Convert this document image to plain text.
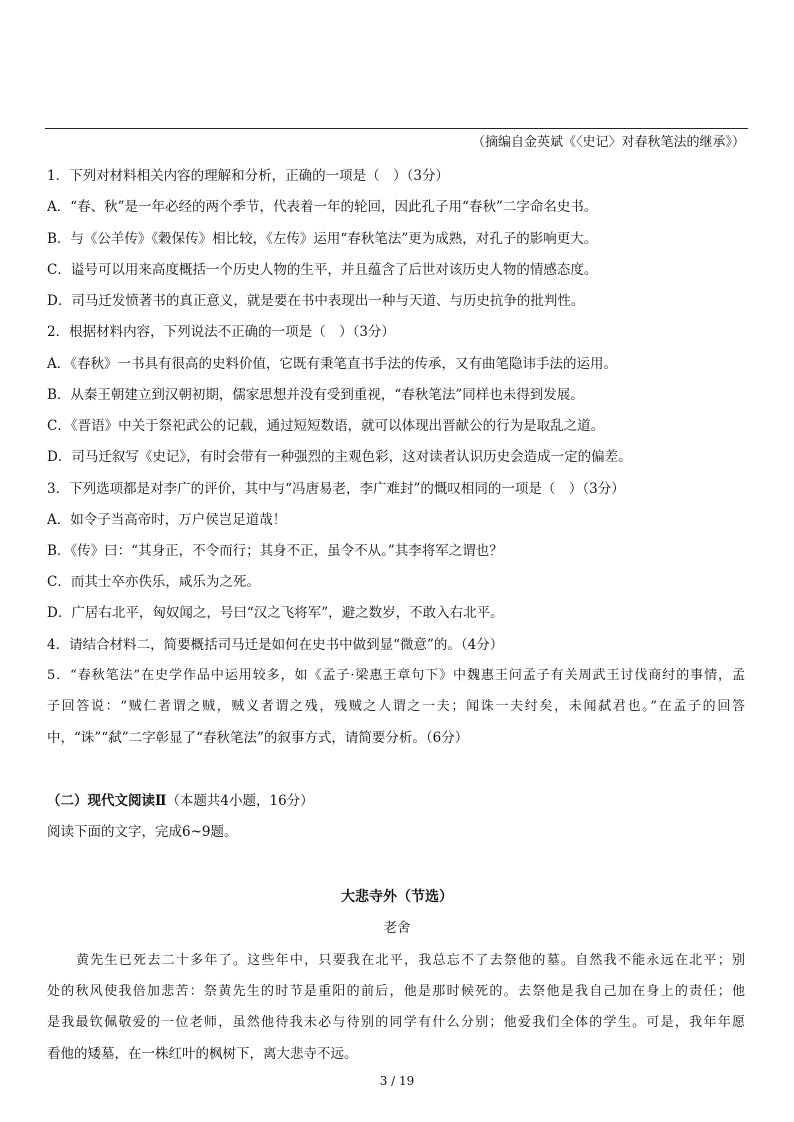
（摘编自金英斌《〈史记〉对春秋笔法的继承》）
1．下列对材料相关内容的理解和分析，正确的一项是（　）（3分）
A．“春、秋”是一年必经的两个季节，代表着一年的轮回，因此孔子用“春秋”二字命名史书。
B．与《公羊传》《穀保传》相比较，《左传》运用“春秋笔法”更为成熟，对孔子的影响更大。
C．谥号可以用来高度概括一个历史人物的生平，并且蕴含了后世对该历史人物的情感态度。
D．司马迁发愤著书的真正意义，就是要在书中表现出一种与天道、与历史抗争的批判性。
2．根据材料内容，下列说法不正确的一项是（　）（3分）
A．《春秋》一书具有很高的史料价值，它既有秉笔直书手法的传承，又有曲笔隐讳手法的运用。
B．从秦王朝建立到汉朝初期，儒家思想并没有受到重视，“春秋笔法”同样也未得到发展。
C．《晋语》中关于祭祀武公的记载，通过短短数语，就可以体现出晋献公的行为是取乱之道。
D．司马迁叙写《史记》，有时会带有一种强烈的主观色彩，这对读者认识历史会造成一定的偏差。
3．下列选项都是对李广的评价，其中与“冯唐易老，李广难封”的慨叹相同的一项是（　）（3分）
A．如令子当高帝时，万户侯岂足道哉！
B．《传》曰：“其身正，不令而行；其身不正，虽令不从。”其李将军之谓也？
C．而其士卒亦佚乐，咸乐为之死。
D．广居右北平，匈奴闻之，号曰“汉之飞将军”，避之数岁，不敢入右北平。
4．请结合材料二，简要概括司马迁是如何在史书中做到显“微意”的。（4分）
5．“春秋笔法”在史学作品中运用较多，如《孟子·梁惠王章句下》中魏惠王问孟子有关周武王讨伐商纣的事情，孟
子回答说：“贼仁者谓之贼，贼义者谓之残，残贼之人谓之一夫；闻诛一夫纣矣，未闻弑君也。”在孟子的回答
中，“诛”“弑”二字彰显了“春秋笔法”的叙事方式，请简要分析。（6分）
（二）现代文阅读Ⅱ（本题共4小题，16分）
阅读下面的文字，完成6~9题。
大悲寺外（节选）
老舍
黄先生已死去二十多年了。这些年中，只要我在北平，我总忘不了去祭他的墓。自然我不能永远在北平；别
处的秋风使我倍加悲苦：祭黄先生的时节是重阳的前后，他是那时候死的。去祭他是我自己加在身上的责任；他
是我最钦佩敬爱的一位老师，虽然他待我未必与待别的同学有什么分别；他爱我们全体的学生。可是，我年年愿
看他的矮墓，在一株红叶的枫树下，离大悲寺不远。
3 / 19
